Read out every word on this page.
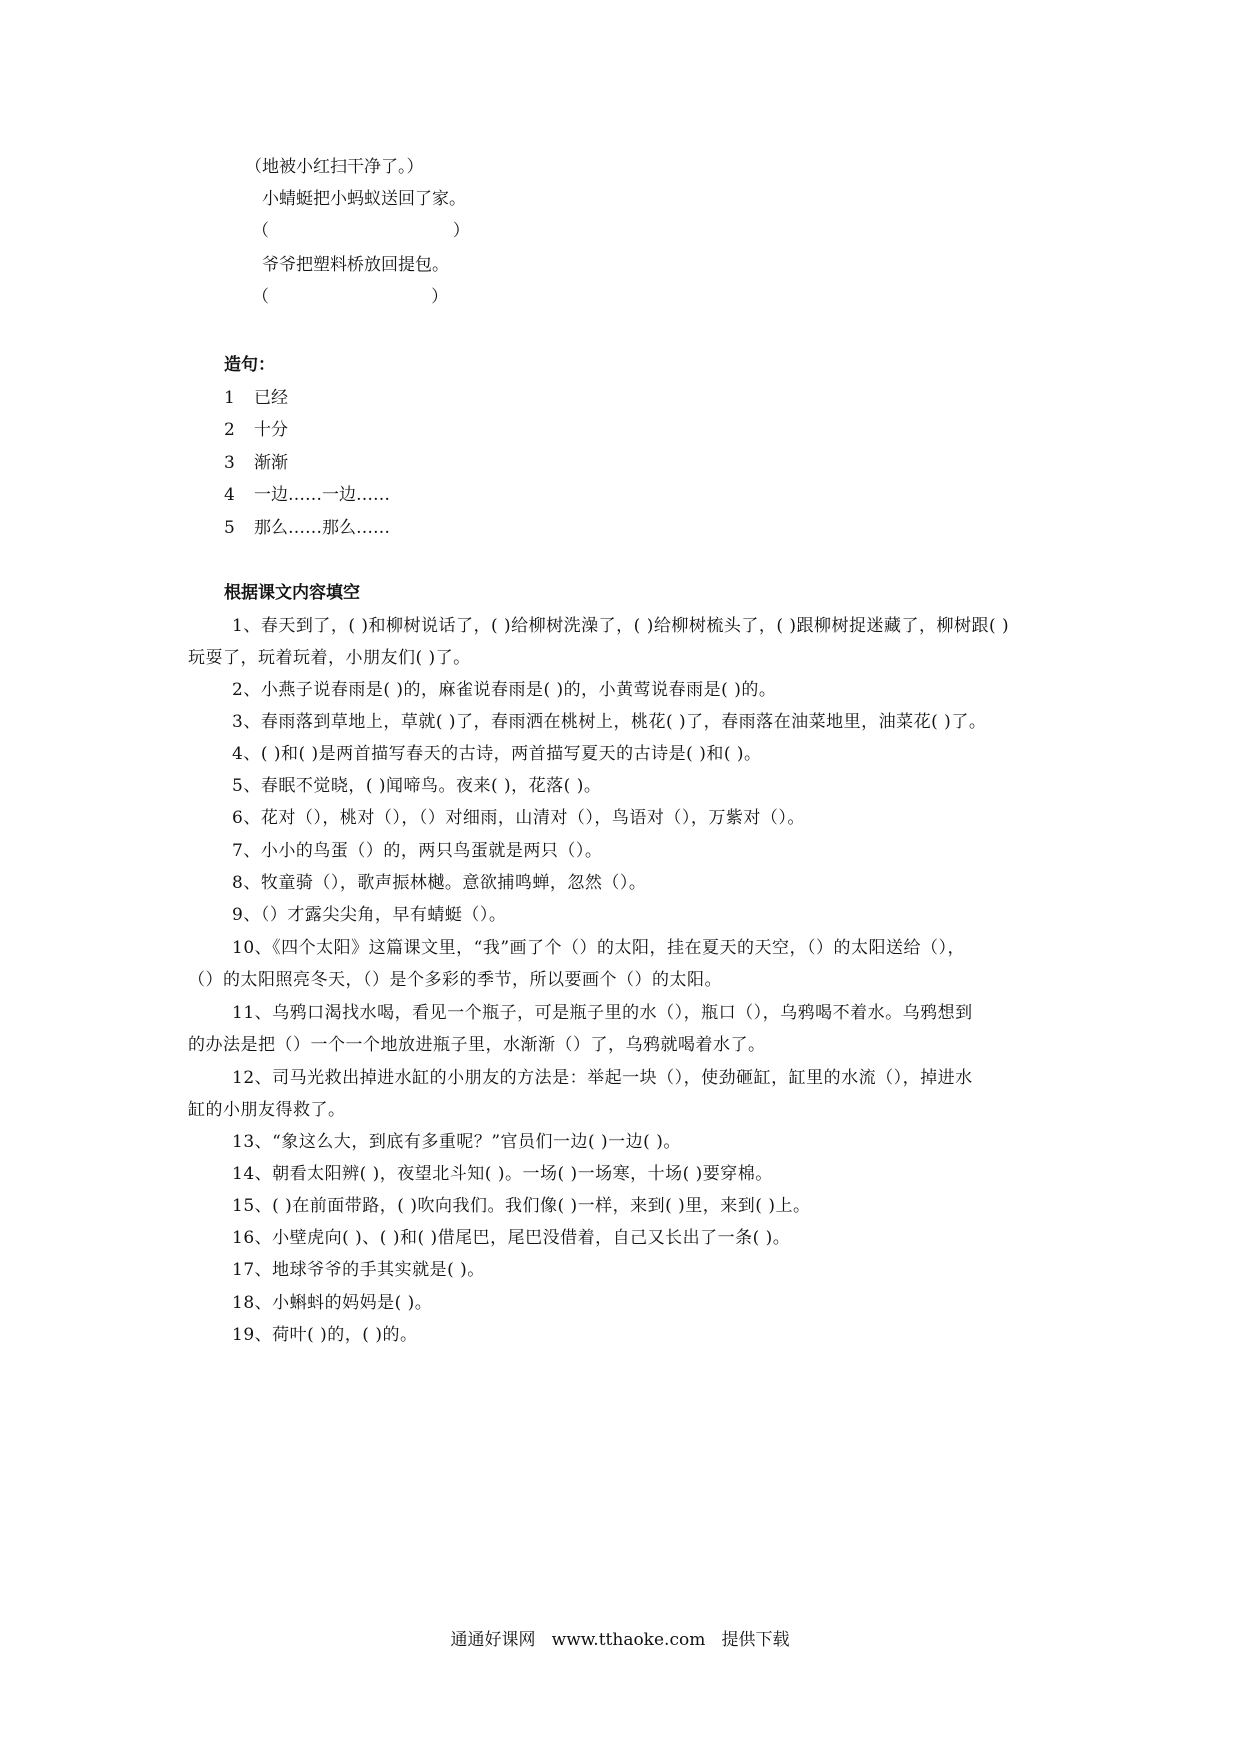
（地被小红扫干净了。）
小蜻蜓把小蚂蚁送回了家。
（                                  ）
爷爷把塑料桥放回提包。
（                              ）
造句：
1 已经
2 十分
3 渐渐
4 一边……一边……
5 那么……那么……
根据课文内容填空
1、春天到了，( )和柳树说话了，( )给柳树洗澡了，( )给柳树梳头了，( )跟柳树捉迷藏了，柳树跟( )
玩耍了，玩着玩着，小朋友们( )了。
2、小燕子说春雨是( )的，麻雀说春雨是( )的，小黄莺说春雨是( )的。
3、春雨落到草地上，草就( )了，春雨洒在桃树上，桃花( )了，春雨落在油菜地里，油菜花( )了。
4、( )和( )是两首描写春天的古诗，两首描写夏天的古诗是( )和( )。
5、春眠不觉晓，( )闻啼鸟。夜来( )，花落( )。
6、花对（），桃对（），（）对细雨，山清对（），鸟语对（），万紫对（）。
7、小小的鸟蛋（）的，两只鸟蛋就是两只（）。
8、牧童骑（），歌声振林樾。意欲捕鸣蝉，忽然（）。
9、（）才露尖尖角，早有蜻蜓（）。
10、《四个太阳》这篇课文里，“我”画了个（）的太阳，挂在夏天的天空，（）的太阳送给（），
（）的太阳照亮冬天，（）是个多彩的季节，所以要画个（）的太阳。
11、乌鸦口渴找水喝，看见一个瓶子，可是瓶子里的水（），瓶口（），乌鸦喝不着水。乌鸦想到
的办法是把（）一个一个地放进瓶子里，水渐渐（）了，乌鸦就喝着水了。
12、司马光救出掉进水缸的小朋友的方法是：举起一块（），使劲砸缸，缸里的水流（），掉进水
缸的小朋友得救了。
13、“象这么大，到底有多重呢？”官员们一边( )一边( )。
14、朝看太阳辨( )，夜望北斗知( )。一场( )一场寒，十场( )要穿棉。
15、( )在前面带路，( )吹向我们。我们像( )一样，来到( )里，来到( )上。
16、小壁虎向( )、( )和( )借尾巴，尾巴没借着，自己又长出了一条( )。
17、地球爷爷的手其实就是( )。
18、小蝌蚪的妈妈是( )。
19、荷叶( )的，( )的。
通通好课网   www.tthaoke.com   提供下载
